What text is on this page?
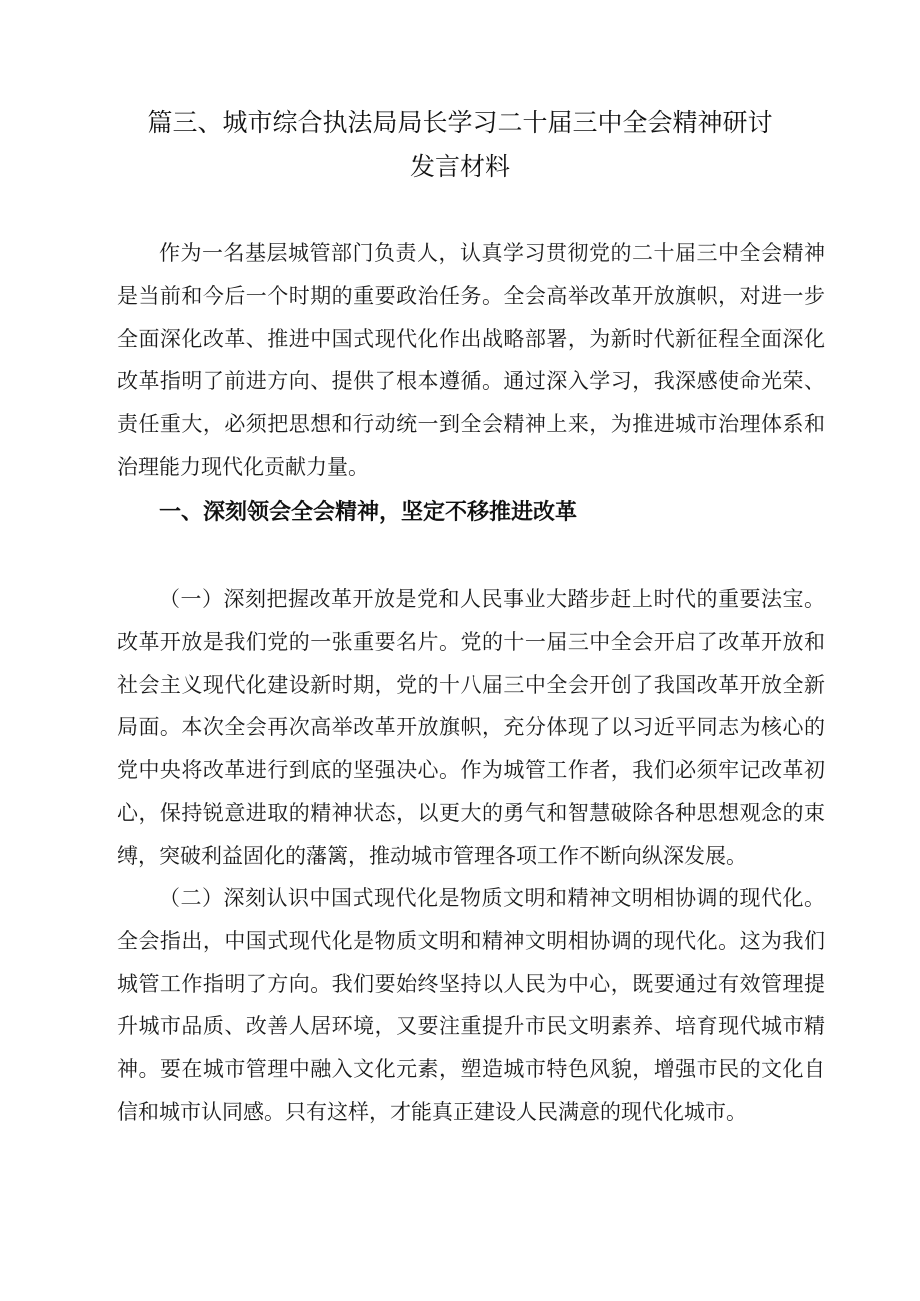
篇三、城市综合执法局局长学习二十届三中全会精神研讨
发言材料

作为一名基层城管部门负责人，认真学习贯彻党的二十届三中全会精神是当前和今后一个时期的重要政治任务。全会高举改革开放旗帜，对进一步全面深化改革、推进中国式现代化作出战略部署，为新时代新征程全面深化改革指明了前进方向、提供了根本遵循。通过深入学习，我深感使命光荣、责任重大，必须把思想和行动统一到全会精神上来，为推进城市治理体系和治理能力现代化贡献力量。

一、深刻领会全会精神，坚定不移推进改革

（一）深刻把握改革开放是党和人民事业大踏步赶上时代的重要法宝。改革开放是我们党的一张重要名片。党的十一届三中全会开启了改革开放和社会主义现代化建设新时期，党的十八届三中全会开创了我国改革开放全新局面。本次全会再次高举改革开放旗帜，充分体现了以习近平同志为核心的党中央将改革进行到底的坚强决心。作为城管工作者，我们必须牢记改革初心，保持锐意进取的精神状态，以更大的勇气和智慧破除各种思想观念的束缚，突破利益固化的藩篱，推动城市管理各项工作不断向纵深发展。

（二）深刻认识中国式现代化是物质文明和精神文明相协调的现代化。全会指出，中国式现代化是物质文明和精神文明相协调的现代化。这为我们城管工作指明了方向。我们要始终坚持以人民为中心，既要通过有效管理提升城市品质、改善人居环境，又要注重提升市民文明素养、培育现代城市精神。要在城市管理中融入文化元素，塑造城市特色风貌，增强市民的文化自信和城市认同感。只有这样，才能真正建设人民满意的现代化城市。
